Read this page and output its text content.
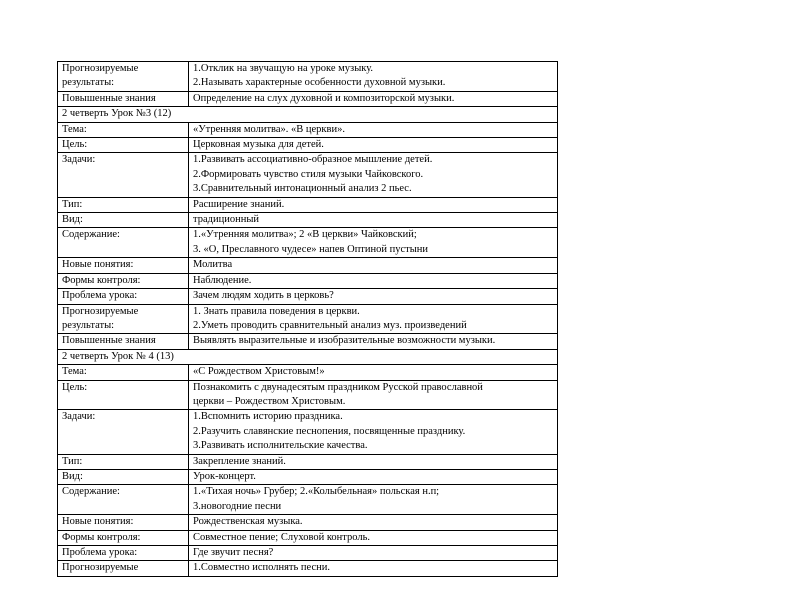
Прогнозируемые
результаты:	1.Отклик на звучащую на уроке музыку.
2.Называть характерные особенности духовной музыки.

Повышенные знания	Определение на слух духовной и композиторской музыки.

2 четверть Урок №3 (12)	

Тема:	«Утренняя молитва». «В церкви».

Цель:	Церковная музыка для детей.

Задачи:	1.Развивать ассоциативно-образное мышление детей.
2.Формировать чувство стиля музыки Чайковского.
3.Сравнительный интонационный анализ 2 пьес.

Тип:	Расширение знаний.

Вид:	традиционный

Содержание:	1.«Утренняя молитва»; 2 «В церкви» Чайковский;
3. «О, Преславного чудесе» напев Оптиной пустыни

Новые понятия:	Молитва

Формы контроля:	Наблюдение.

Проблема урока:	Зачем людям ходить в церковь?

Прогнозируемые
результаты:	1. Знать правила поведения в церкви.
2.Уметь проводить сравнительный анализ муз. произведений

Повышенные знания	Выявлять выразительные и изобразительные возможности музыки.

2 четверть Урок № 4 (13)	

Тема:	«С Рождеством Христовым!»

Цель:	Познакомить с двунадесятым праздником Русской православной
церкви – Рождеством Христовым.

Задачи:	1.Вспомнить историю праздника.
2.Разучить славянские песнопения, посвященные празднику.
3.Развивать исполнительские качества.

Тип:	Закрепление знаний.

Вид:	Урок-концерт.

Содержание:	1.«Тихая ночь» Грубер; 2.«Колыбельная» польская н.п;
3.новогодние песни

Новые понятия:	Рождественская музыка.

Формы контроля:	Совместное пение; Слуховой контроль.

Проблема урока:	Где звучит песня?

Прогнозируемые	1.Совместно исполнять песни.
